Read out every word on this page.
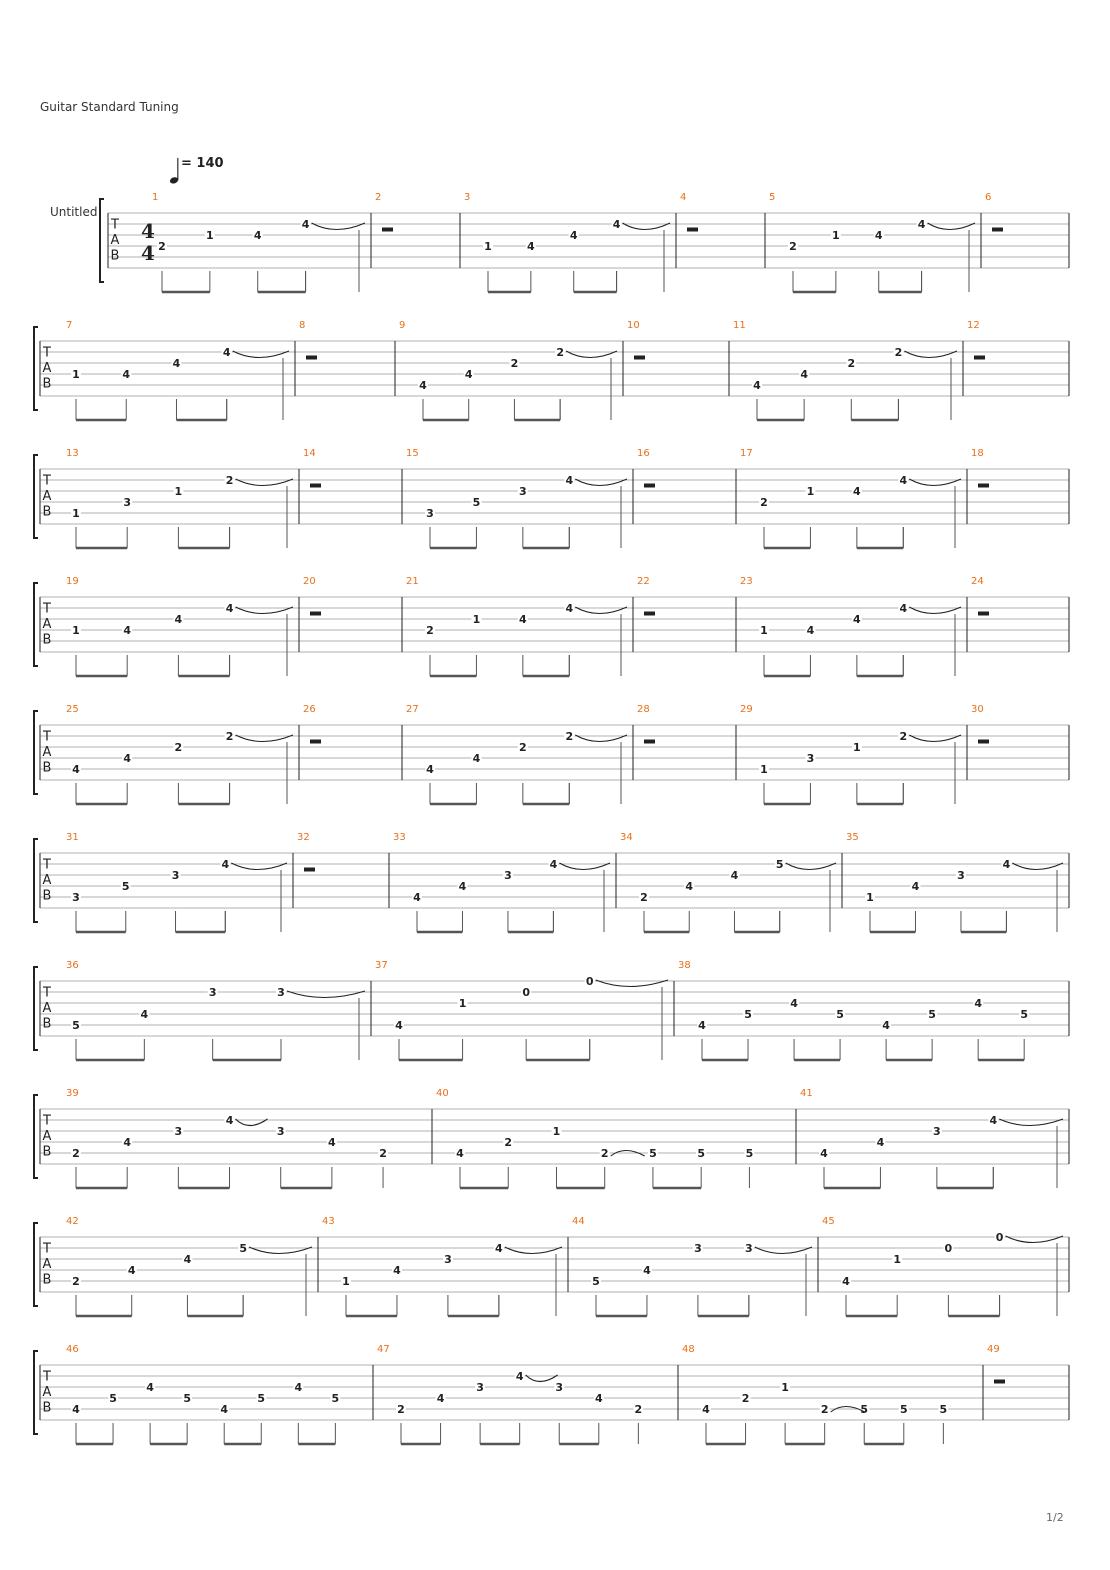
Guitar Standard Tuning
= 140
Untitled
T
A
B
4
4
1
2
1	4
4
2	3
1	4
4
4
4	5
2
1	4
4
6
T
A
B
7
1	4
4
4
8	9
4
4
2
2
10	11
4
4
2
2
12
T
A
B
13
1
3
1
2
14	15
3
5
3
4
16	17
2
1	4
4
18
T
A
B
19
1	4
4
4
20	21
2
1	4
4
22	23
1	4
4
4
24
T
A
B
25
4
4
2
2
26	27
4
4
2
2
28	29
1
3
1
2
30
T
A
B
31
3
5
3
4
32	33
4
4
3
4
34
2
4
4
5
35
1
4
3
4
T
A
B
36
5
4
3	3
37
4
1
0
0
38
4
5
4
5
4
5
4
5
T
A
B
39
2
4
3
4
3
4
2
40
4
2
1
2	5	5	5
41
4
4
3
4
T
A
B
42
2
4
4
5
43
1
4
3
4
44
5
4
3	3
45
4
1
0
0
T
A
B
46
4
5
4
5
4
5
4
5
47
2
4
3
4
3
4
2
48
4
2
1
2	5	5	5
49
1/2
